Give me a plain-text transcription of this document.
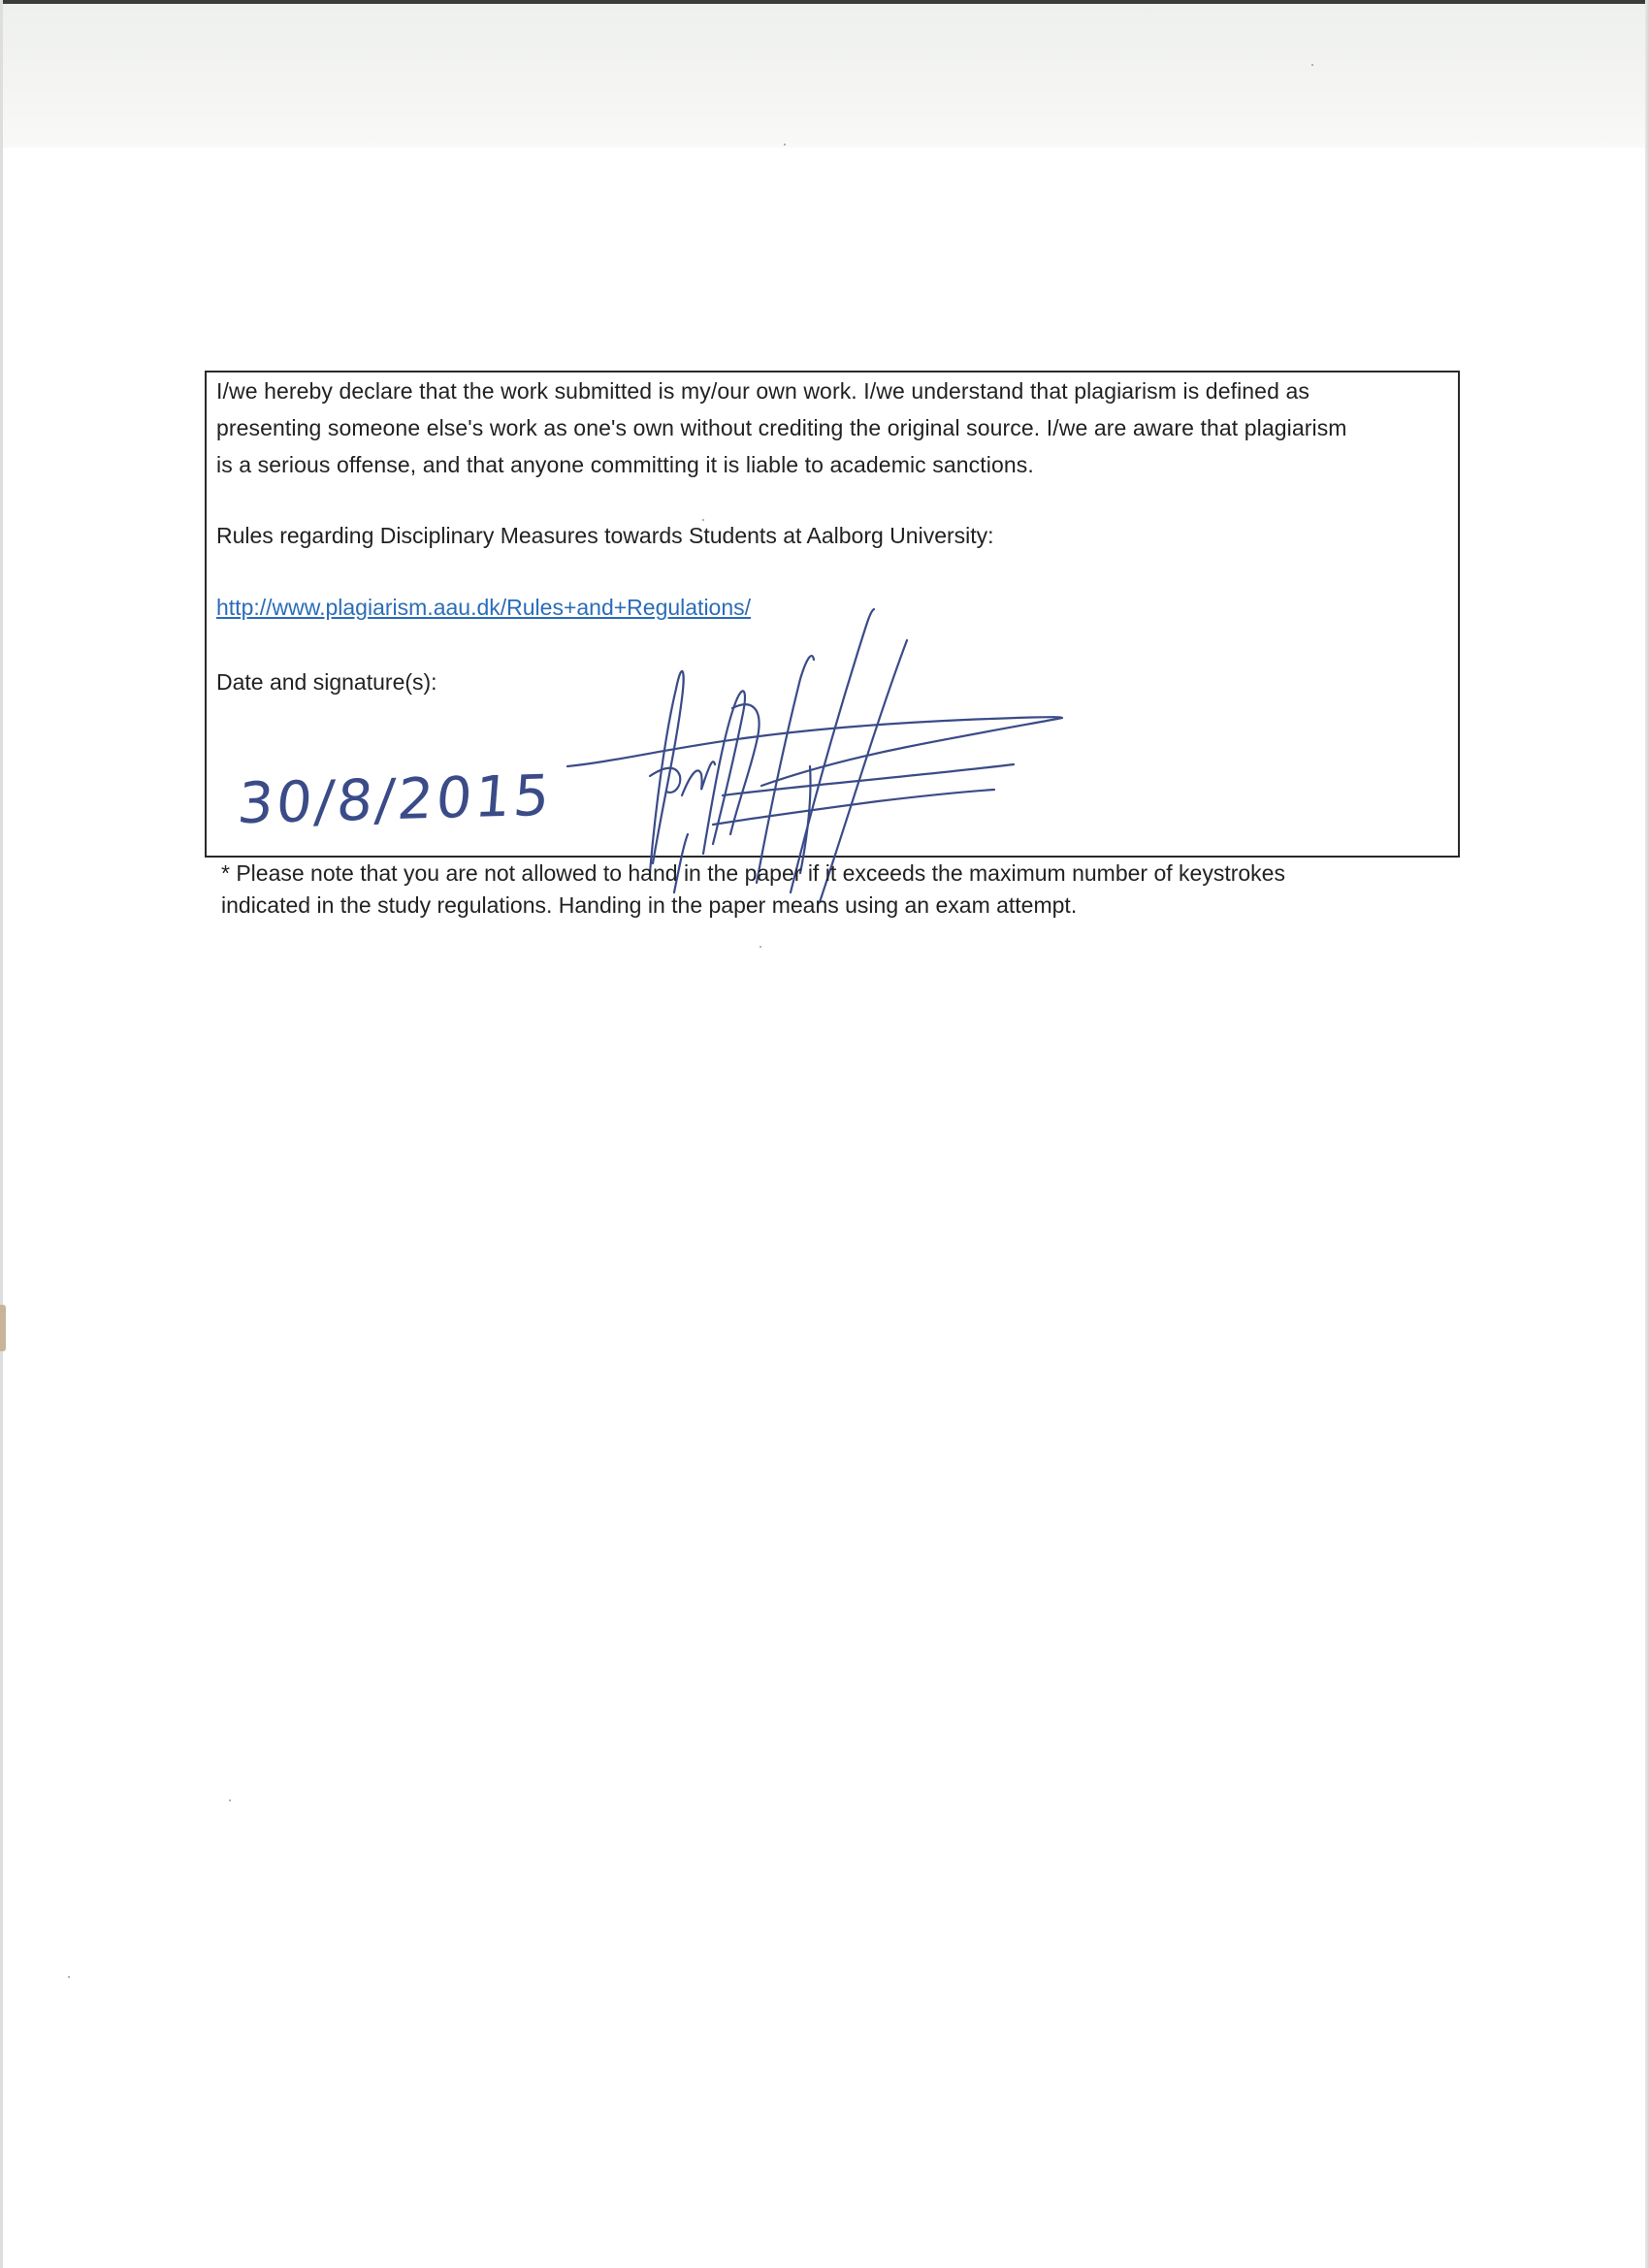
I/we hereby declare that the work submitted is my/our own work. I/we understand that plagiarism is defined as
presenting someone else's work as one's own without crediting the original source. I/we are aware that plagiarism
is a serious offense, and that anyone committing it is liable to academic sanctions.
Rules regarding Disciplinary Measures towards Students at Aalborg University:
http://www.plagiarism.aau.dk/Rules+and+Regulations/
Date and signature(s):
30/8/2015
* Please note that you are not allowed to hand in the paper if it exceeds the maximum number of keystrokes
indicated in the study regulations. Handing in the paper means using an exam attempt.
